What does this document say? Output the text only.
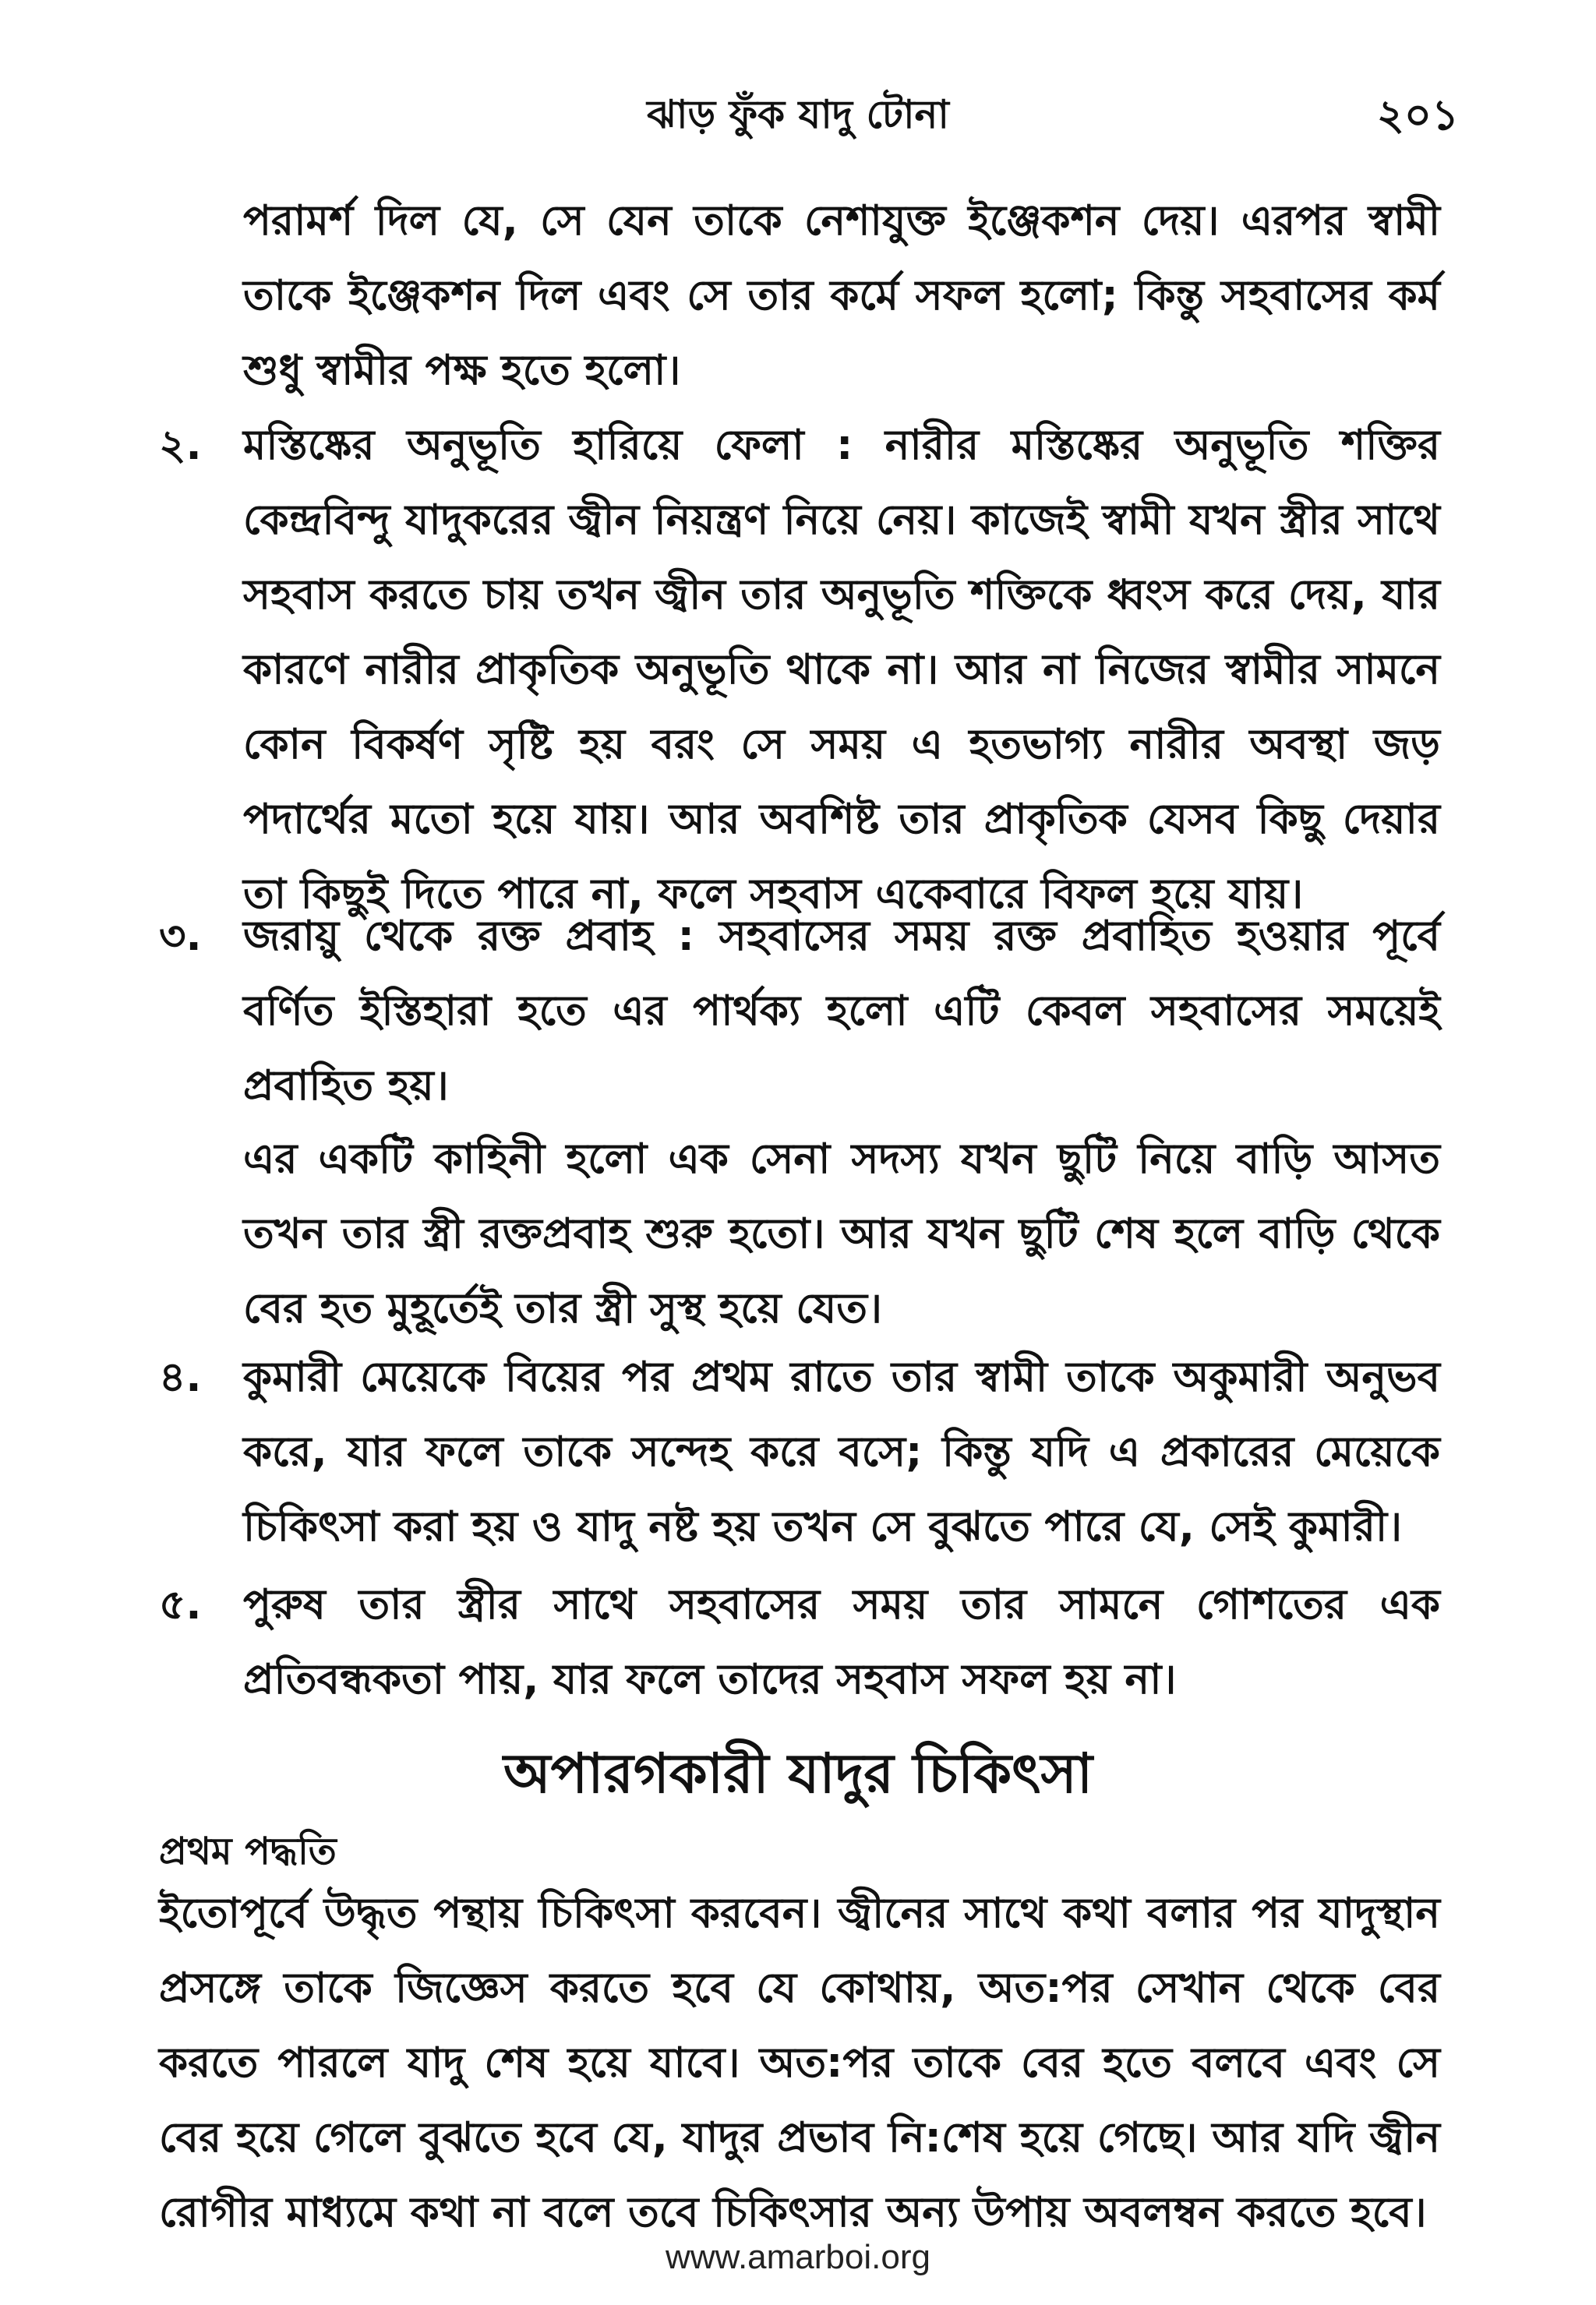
ঝাড় ফুঁক যাদু টোনা	২০১
পরামর্শ দিল যে, সে যেন তাকে নেশাযুক্ত ইঞ্জেকশন দেয়। এরপর স্বামী তাকে ইঞ্জেকশন দিল এবং সে তার কর্মে সফল হলো; কিন্তু সহবাসের কর্ম শুধু স্বামীর পক্ষ হতে হলো।
২.	মস্তিষ্কের অনুভূতি হারিয়ে ফেলা : নারীর মস্তিষ্কের অনুভূতি শক্তির কেন্দ্রবিন্দু যাদুকরের জ্বীন নিয়ন্ত্রণ নিয়ে নেয়। কাজেই স্বামী যখন স্ত্রীর সাথে সহবাস করতে চায় তখন জ্বীন তার অনুভূতি শক্তিকে ধ্বংস করে দেয়, যার কারণে নারীর প্রাকৃতিক অনুভূতি থাকে না। আর না নিজের স্বামীর সামনে কোন বিকর্ষণ সৃষ্টি হয় বরং সে সময় এ হতভাগ্য নারীর অবস্থা জড় পদার্থের মতো হয়ে যায়। আর অবশিষ্ট তার প্রাকৃতিক যেসব কিছু দেয়ার তা কিছুই দিতে পারে না, ফলে সহবাস একেবারে বিফল হয়ে যায়।
৩.	জরায়ু থেকে রক্ত প্রবাহ : সহবাসের সময় রক্ত প্রবাহিত হওয়ার পূর্বে বর্ণিত ইস্তিহারা হতে এর পার্থক্য হলো এটি কেবল সহবাসের সময়েই প্রবাহিত হয়।
এর একটি কাহিনী হলো এক সেনা সদস্য যখন ছুটি নিয়ে বাড়ি আসত তখন তার স্ত্রী রক্তপ্রবাহ শুরু হতো। আর যখন ছুটি শেষ হলে বাড়ি থেকে বের হত মুহূর্তেই তার স্ত্রী সুস্থ হয়ে যেত।
৪.	কুমারী মেয়েকে বিয়ের পর প্রথম রাতে তার স্বামী তাকে অকুমারী অনুভব করে, যার ফলে তাকে সন্দেহ করে বসে; কিন্তু যদি এ প্রকারের মেয়েকে চিকিৎসা করা হয় ও যাদু নষ্ট হয় তখন সে বুঝতে পারে যে, সেই কুমারী।
৫.	পুরুষ তার স্ত্রীর সাথে সহবাসের সময় তার সামনে গোশতের এক প্রতিবন্ধকতা পায়, যার ফলে তাদের সহবাস সফল হয় না।
অপারগকারী যাদুর চিকিৎসা
প্রথম পদ্ধতি
ইতোপূর্বে উদ্ধৃত পন্থায় চিকিৎসা করবেন। জ্বীনের সাথে কথা বলার পর যাদুস্থান প্রসঙ্গে তাকে জিজ্ঞেস করতে হবে যে কোথায়, অত:পর সেখান থেকে বের করতে পারলে যাদু শেষ হয়ে যাবে। অত:পর তাকে বের হতে বলবে এবং সে বের হয়ে গেলে বুঝতে হবে যে, যাদুর প্রভাব নি:শেষ হয়ে গেছে। আর যদি জ্বীন রোগীর মাধ্যমে কথা না বলে তবে চিকিৎসার অন্য উপায় অবলম্বন করতে হবে।
www.amarboi.org
